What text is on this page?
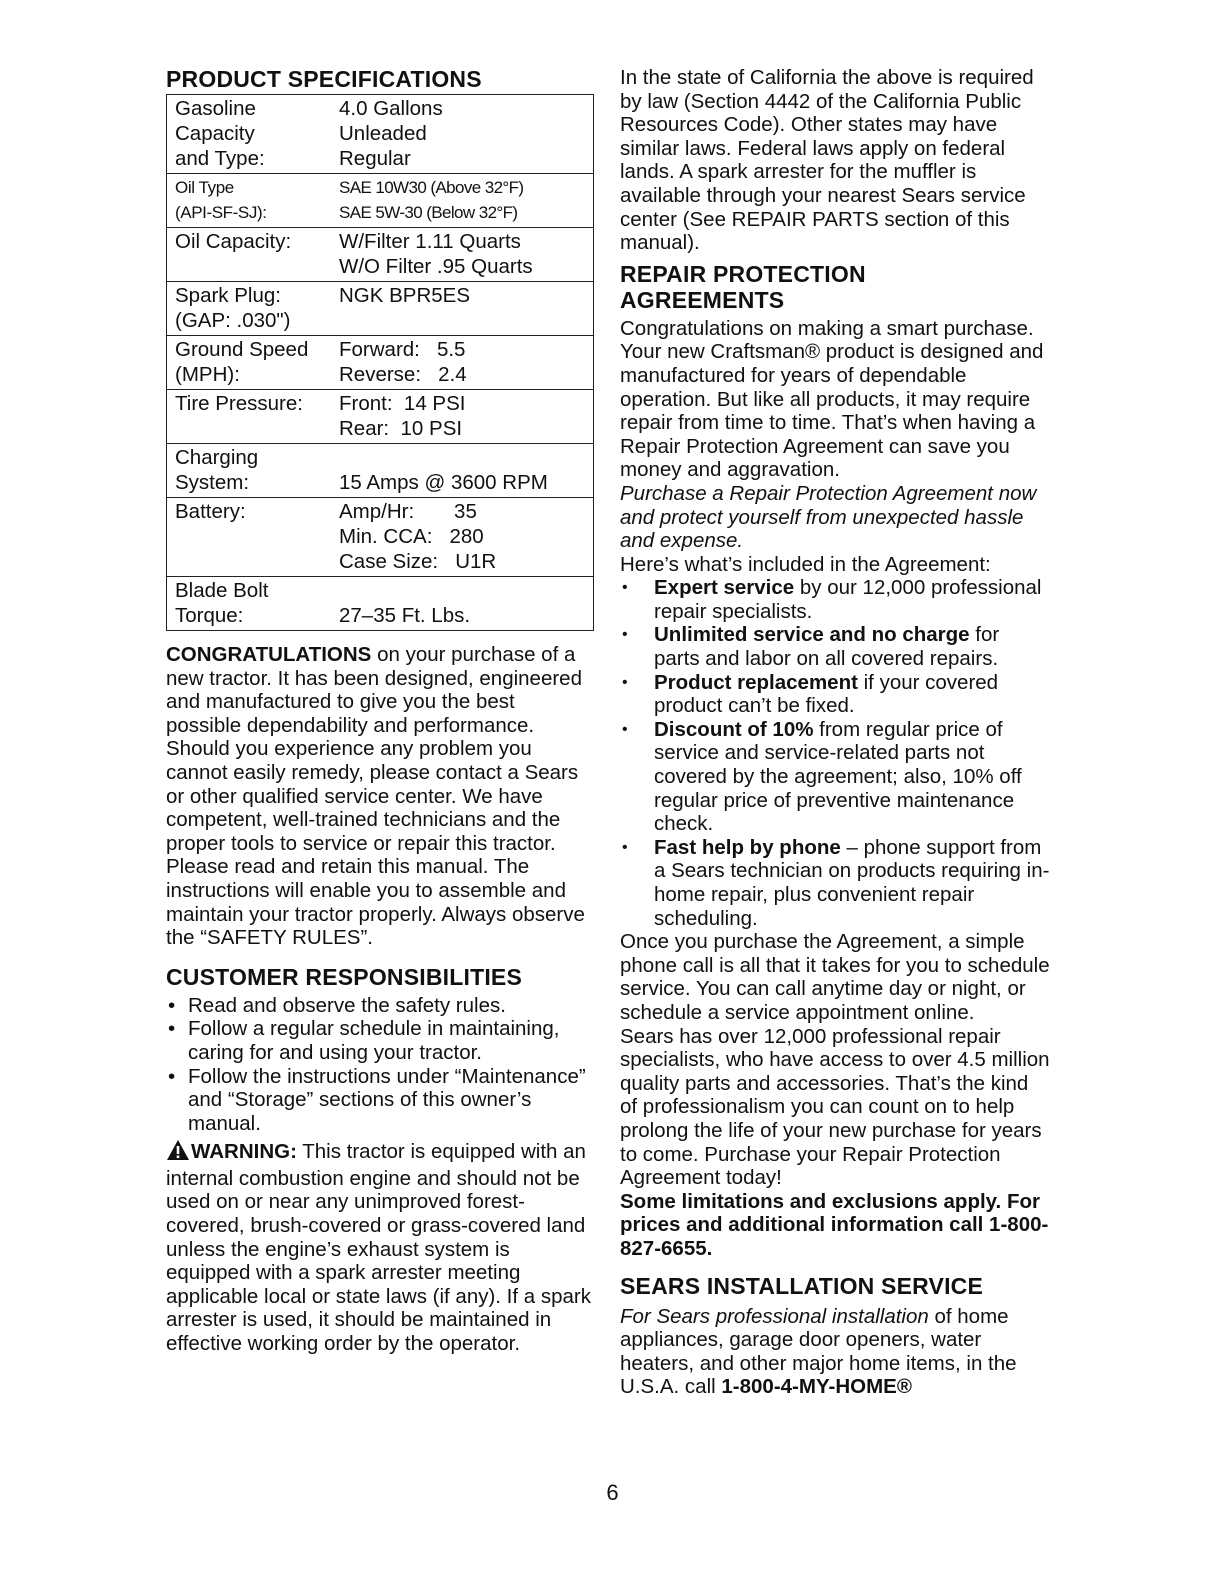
PRODUCT SPECIFICATIONS
Gasoline
Capacity
and Type:	4.0 Gallons
Unleaded
Regular

Oil Type
(API-SF-SJ):	SAE 10W30 (Above 32°F)
SAE 5W-30 (Below 32°F)

Oil Capacity:	W/Filter 1.11 Quarts
W/O Filter .95 Quarts

Spark Plug:
(GAP: .030")	NGK BPR5ES

Ground Speed
(MPH):	Forward:   5.5
Reverse:   2.4

Tire Pressure:	Front:  14 PSI
Rear:  10 PSI

Charging
System:	15 Amps @ 3600 RPM

Battery:	Amp/Hr:       35
Min. CCA:   280
Case Size:   U1R

Blade Bolt
Torque:	27–35 Ft. Lbs.

CONGRATULATIONS on your purchase of a new tractor. It has been designed, engineered and manufactured to give you the best possible dependability and performance.

Should you experience any problem you cannot easily remedy, please contact a Sears or other qualified service center. We have competent, well-trained technicians and the proper tools to service or repair this tractor.

Please read and retain this manual. The instructions will enable you to assemble and maintain your tractor properly. Always observe the “SAFETY RULES”.

CUSTOMER RESPONSIBILITIES
• Read and observe the safety rules.
• Follow a regular schedule in maintaining, caring for and using your tractor.
• Follow the instructions under “Maintenance” and “Storage” sections of this owner’s manual.

WARNING: This tractor is equipped with an internal combustion engine and should not be used on or near any unimproved forest-covered, brush-covered or grass-covered land unless the engine’s exhaust system is equipped with a spark arrester meeting applicable local or state laws (if any). If a spark arrester is used, it should be maintained in effective working order by the operator.

In the state of California the above is required by law (Section 4442 of the California Public Resources Code). Other states may have similar laws. Federal laws apply on federal lands. A spark arrester for the muffler is available through your nearest Sears service center (See REPAIR PARTS section of this manual).

REPAIR PROTECTION
AGREEMENTS

Congratulations on making a smart purchase. Your new Craftsman® product is designed and manufactured for years of dependable operation. But like all products, it may require repair from time to time. That’s when having a Repair Protection Agreement can save you money and aggravation.

Purchase a Repair Protection Agreement now and protect yourself from unexpected hassle and expense.

Here’s what’s included in the Agreement:

• Expert service by our 12,000 professional repair specialists.
• Unlimited service and no charge for parts and labor on all covered repairs.
• Product replacement if your covered product can’t be fixed.
• Discount of 10% from regular price of service and service-related parts not covered by the agreement; also, 10% off regular price of preventive maintenance check.
• Fast help by phone – phone support from a Sears technician on products requiring in-home repair, plus convenient repair scheduling.

Once you purchase the Agreement, a simple phone call is all that it takes for you to schedule service. You can call anytime day or night, or schedule a service appointment online.

Sears has over 12,000 professional repair specialists, who have access to over 4.5 million quality parts and accessories. That’s the kind of professionalism you can count on to help prolong the life of your new purchase for years to come. Purchase your Repair Protection Agreement today!

Some limitations and exclusions apply. For prices and additional information call 1-800-827-6655.

SEARS INSTALLATION SERVICE

For Sears professional installation of home appliances, garage door openers, water heaters, and other major home items, in the U.S.A. call 1-800-4-MY-HOME®

6
